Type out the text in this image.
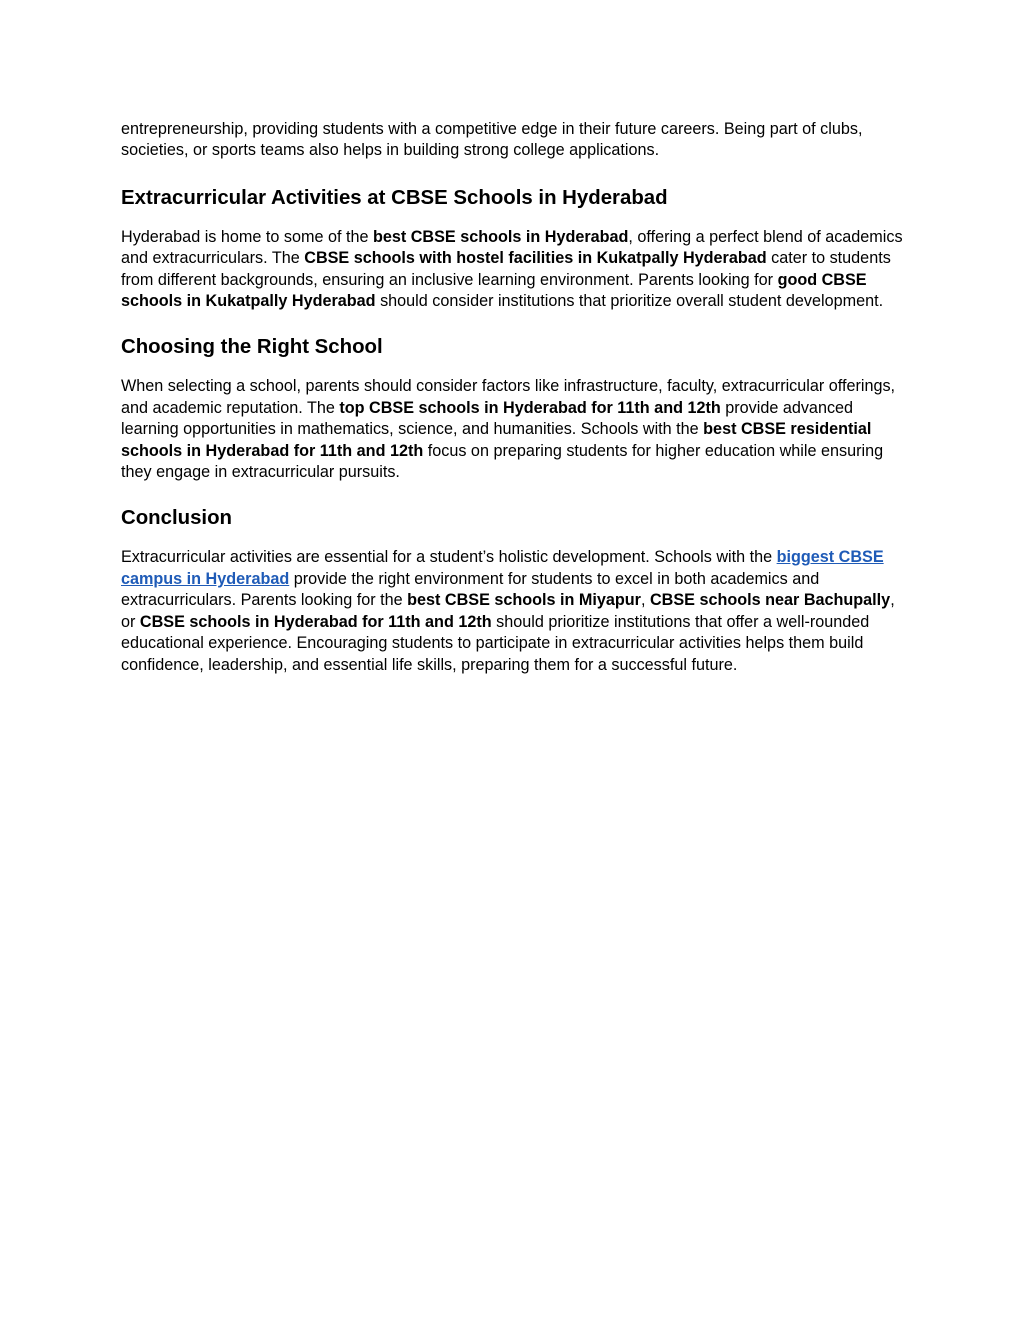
entrepreneurship, providing students with a competitive edge in their future careers. Being part of clubs, societies, or sports teams also helps in building strong college applications.

Extracurricular Activities at CBSE Schools in Hyderabad

Hyderabad is home to some of the best CBSE schools in Hyderabad, offering a perfect blend of academics and extracurriculars. The CBSE schools with hostel facilities in Kukatpally Hyderabad cater to students from different backgrounds, ensuring an inclusive learning environment. Parents looking for good CBSE schools in Kukatpally Hyderabad should consider institutions that prioritize overall student development.

Choosing the Right School

When selecting a school, parents should consider factors like infrastructure, faculty, extracurricular offerings, and academic reputation. The top CBSE schools in Hyderabad for 11th and 12th provide advanced learning opportunities in mathematics, science, and humanities. Schools with the best CBSE residential schools in Hyderabad for 11th and 12th focus on preparing students for higher education while ensuring they engage in extracurricular pursuits.

Conclusion

Extracurricular activities are essential for a student’s holistic development. Schools with the biggest CBSE campus in Hyderabad provide the right environment for students to excel in both academics and extracurriculars. Parents looking for the best CBSE schools in Miyapur, CBSE schools near Bachupally, or CBSE schools in Hyderabad for 11th and 12th should prioritize institutions that offer a well-rounded educational experience. Encouraging students to participate in extracurricular activities helps them build confidence, leadership, and essential life skills, preparing them for a successful future.
